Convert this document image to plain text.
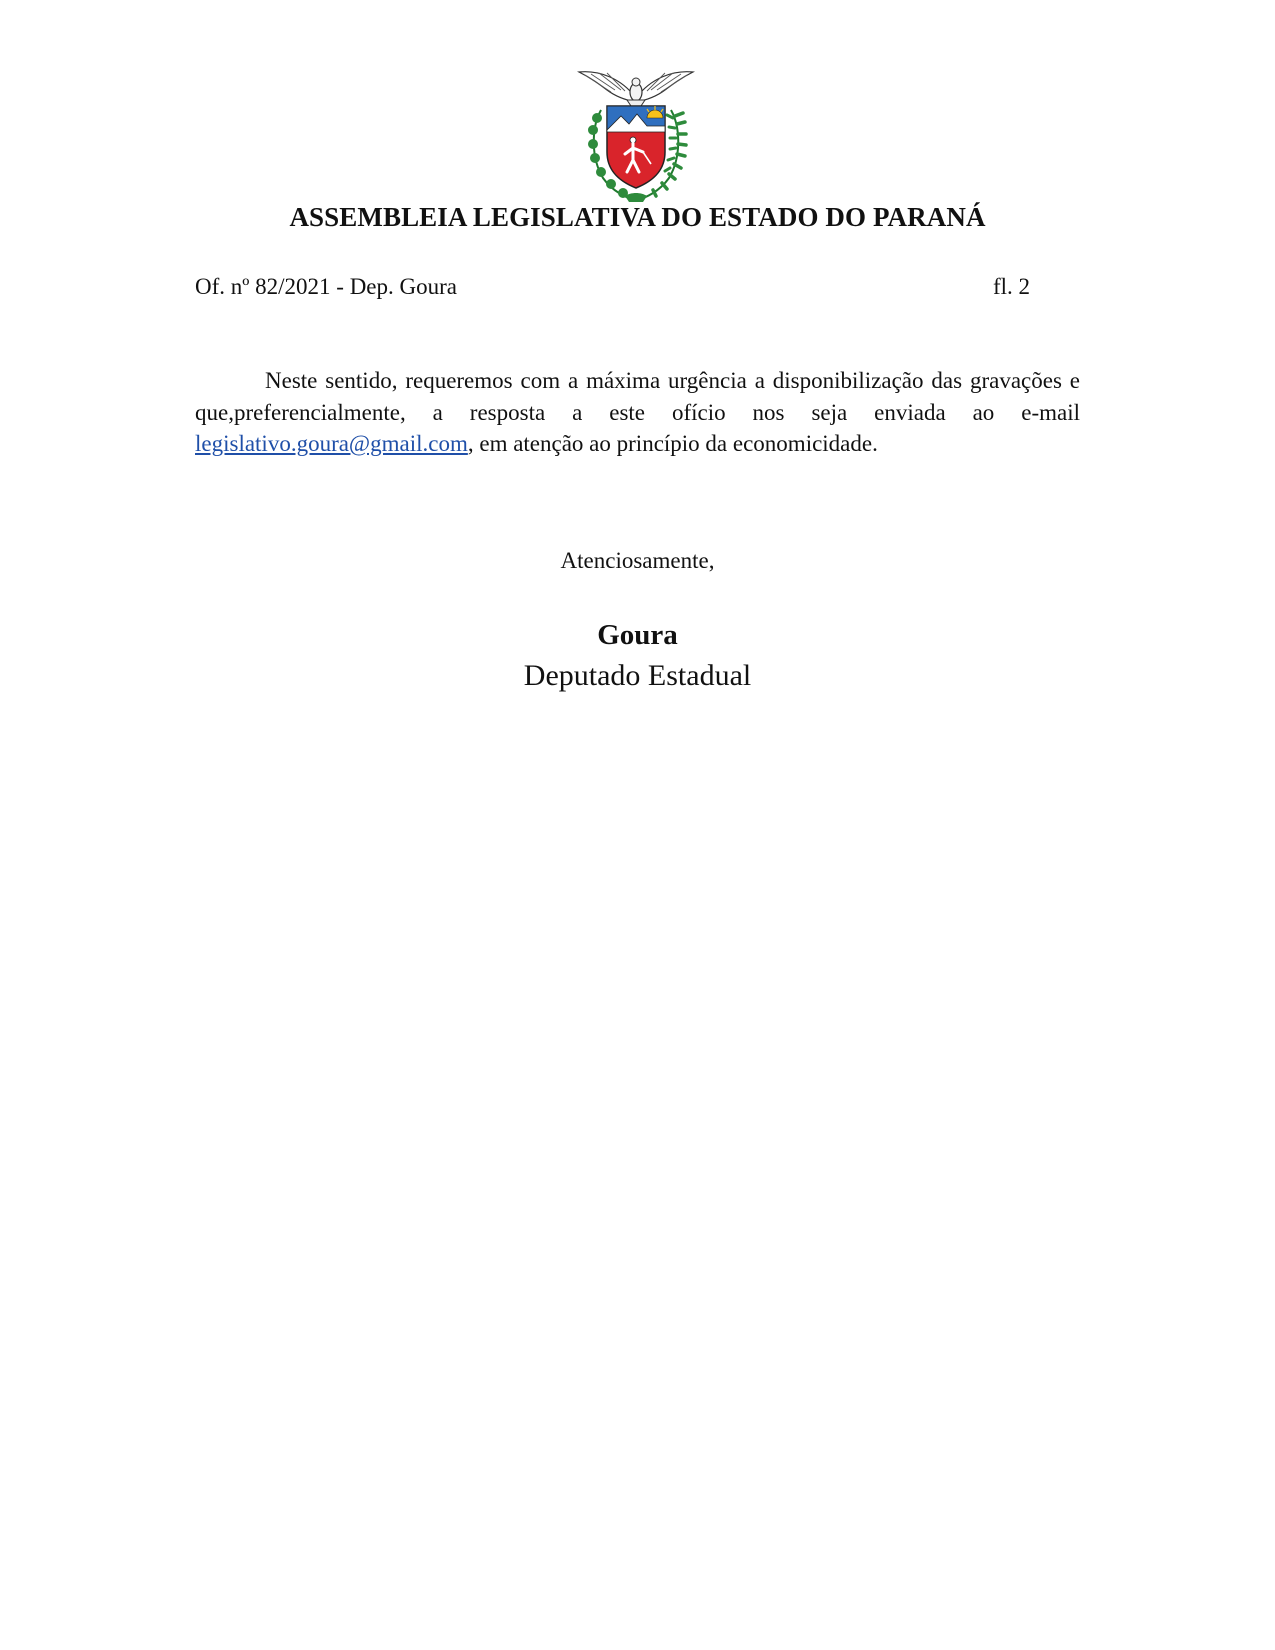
ASSEMBLEIA LEGISLATIVA DO ESTADO DO PARANÁ
Of. nº 82/2021 - Dep. Goura	fl. 2

Neste sentido, requeremos com a máxima urgência a disponibilização das gravações e que,preferencialmente, a resposta a este ofício nos seja enviada ao e-mail legislativo.goura@gmail.com, em atenção ao princípio da economicidade.

Atenciosamente,
Goura
Deputado Estadual
